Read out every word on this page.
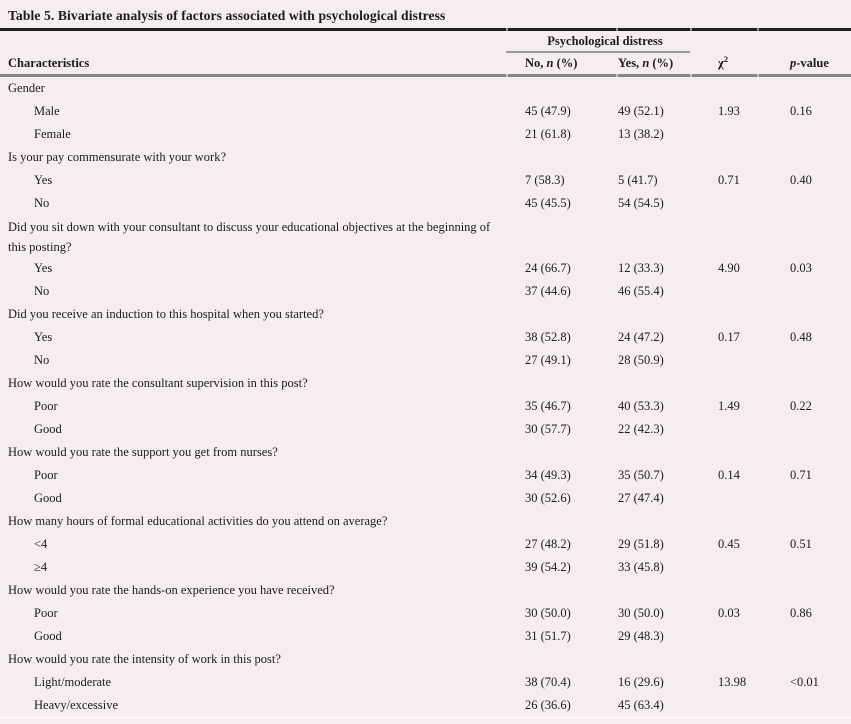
Table 5. Bivariate analysis of factors associated with psychological distress
Psychological distress
Characteristics	No, n (%)	Yes, n (%)	$\chi^2$	p-value
Gender
Male	45 (47.9)	49 (52.1)	1.93	0.16
Female	21 (61.8)	13 (38.2)
Is your pay commensurate with your work?
Yes	7 (58.3)	5 (41.7)	0.71	0.40
No	45 (45.5)	54 (54.5)
Did you sit down with your consultant to discuss your educational objectives at the beginning of this posting?
Yes	24 (66.7)	12 (33.3)	4.90	0.03
No	37 (44.6)	46 (55.4)
Did you receive an induction to this hospital when you started?
Yes	38 (52.8)	24 (47.2)	0.17	0.48
No	27 (49.1)	28 (50.9)
How would you rate the consultant supervision in this post?
Poor	35 (46.7)	40 (53.3)	1.49	0.22
Good	30 (57.7)	22 (42.3)
How would you rate the support you get from nurses?
Poor	34 (49.3)	35 (50.7)	0.14	0.71
Good	30 (52.6)	27 (47.4)
How many hours of formal educational activities do you attend on average?
<4	27 (48.2)	29 (51.8)	0.45	0.51
≥4	39 (54.2)	33 (45.8)
How would you rate the hands-on experience you have received?
Poor	30 (50.0)	30 (50.0)	0.03	0.86
Good	31 (51.7)	29 (48.3)
How would you rate the intensity of work in this post?
Light/moderate	38 (70.4)	16 (29.6)	13.98	<0.01
Heavy/excessive	26 (36.6)	45 (63.4)
